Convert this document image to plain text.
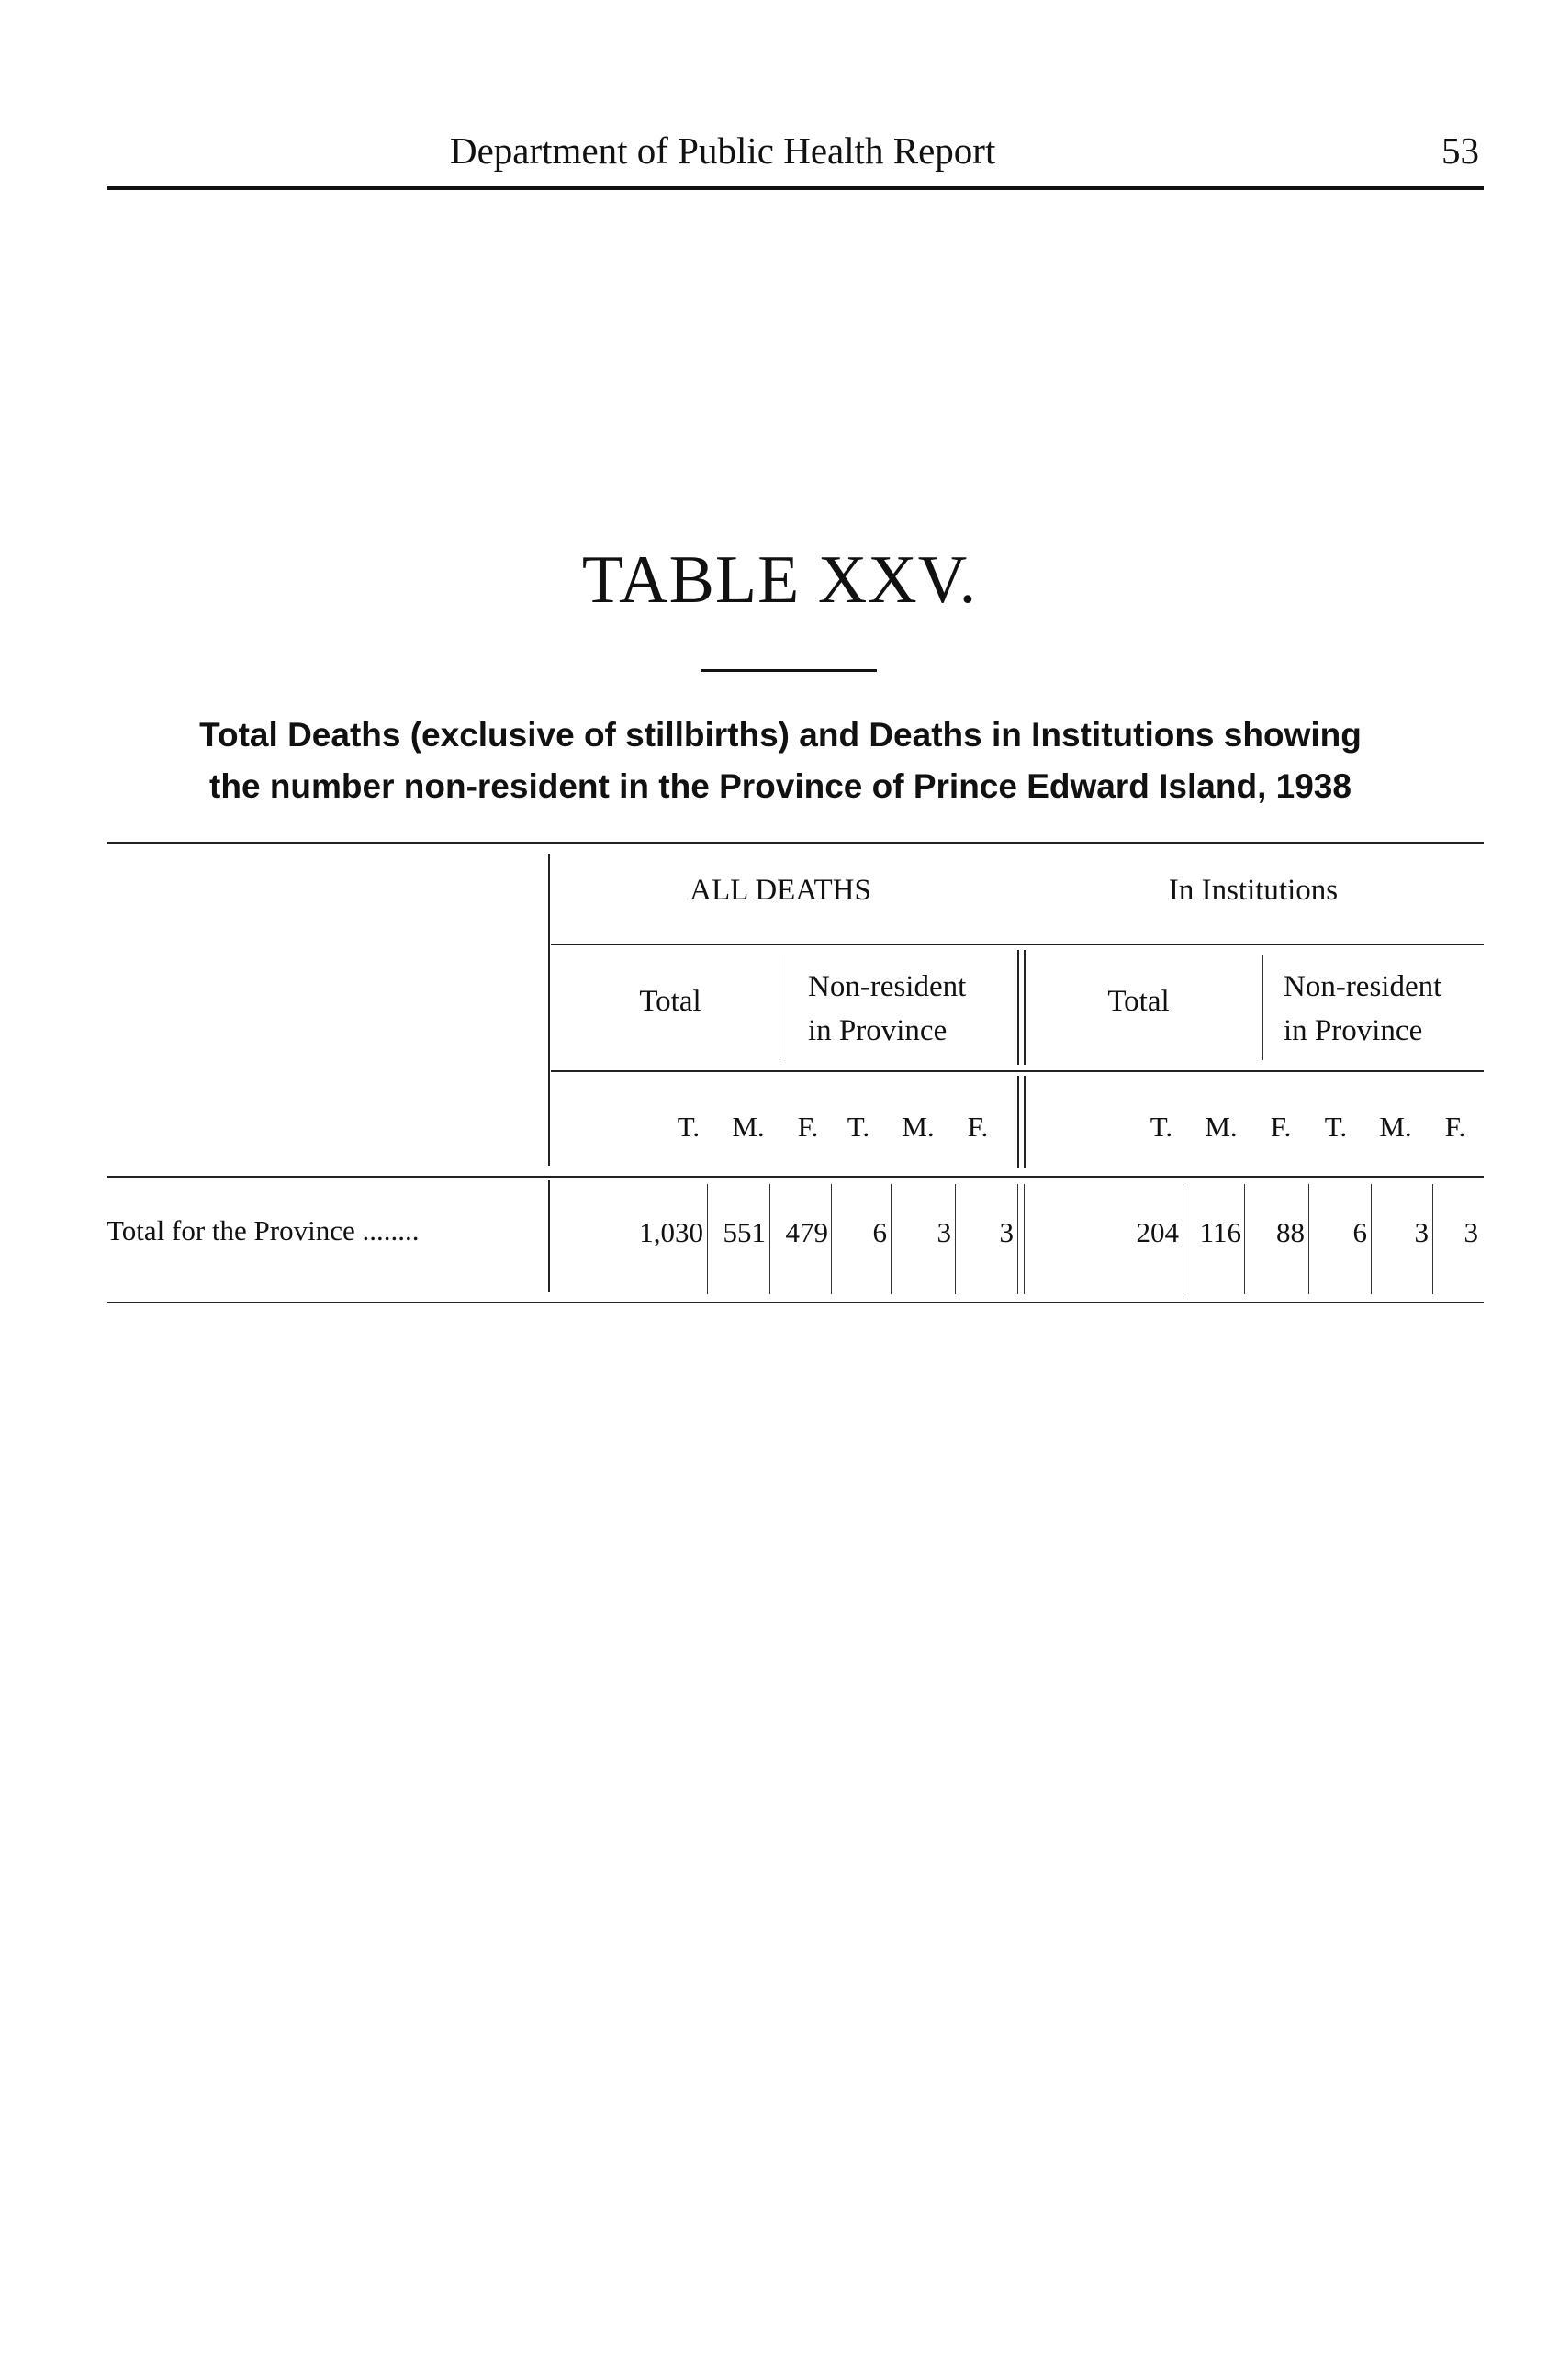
Department of Public Health Report	53
TABLE XXV.
Total Deaths (exclusive of stillbirths) and Deaths in Institutions showing
the number non-resident in the Province of Prince Edward Island, 1938
ALL DEATHS	In Institutions
Total	Non-resident
in Province
Total	Non-resident
in Province
T.	M.	F.	T.	M.	F.	T.	M.	F.	T.	M.	F.
Total for the Province ........	1,030 551 479	6	3	3	204 116	88	6	3	3
